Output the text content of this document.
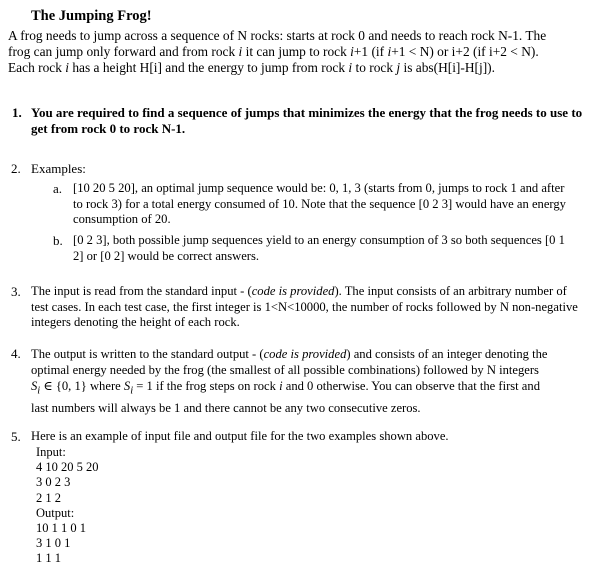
The Jumping Frog!
A frog needs to jump across a sequence of N rocks: starts at rock 0 and needs to reach rock N-1. The
frog can jump only forward and from rock i it can jump to rock i+1 (if i+1 < N) or i+2 (if i+2 < N).
Each rock i has a height H[i] and the energy to jump from rock i to rock j is abs(H[i]-H[j]).
1. You are required to find a sequence of jumps that minimizes the energy that the frog needs to use to
get from rock 0 to rock N-1.
2. Examples:
a. [10 20 5 20], an optimal jump sequence would be: 0, 1, 3 (starts from 0, jumps to rock 1 and after
to rock 3) for a total energy consumed of 10. Note that the sequence [0 2 3] would have an energy
consumption of 20.
b. [0 2 3], both possible jump sequences yield to an energy consumption of 3 so both sequences [0 1
2] or [0 2] would be correct answers.
3. The input is read from the standard input - (code is provided). The input consists of an arbitrary number of
test cases. In each test case, the first integer is 1<N<10000, the number of rocks followed by N non-negative
integers denoting the height of each rock.
4. The output is written to the standard output - (code is provided) and consists of an integer denoting the
optimal energy needed by the frog (the smallest of all possible combinations) followed by N integers
$S_i$ ∈ {0, 1} where $S_i = 1$ if the frog steps on rock i and 0 otherwise. You can observe that the first and
last numbers will always be 1 and there cannot be any two consecutive zeros.
5. Here is an example of input file and output file for the two examples shown above.
Input:
4 10 20 5 20
3 0 2 3
2 1 2
Output:
10 1 1 0 1
3 1 0 1
1 1 1
